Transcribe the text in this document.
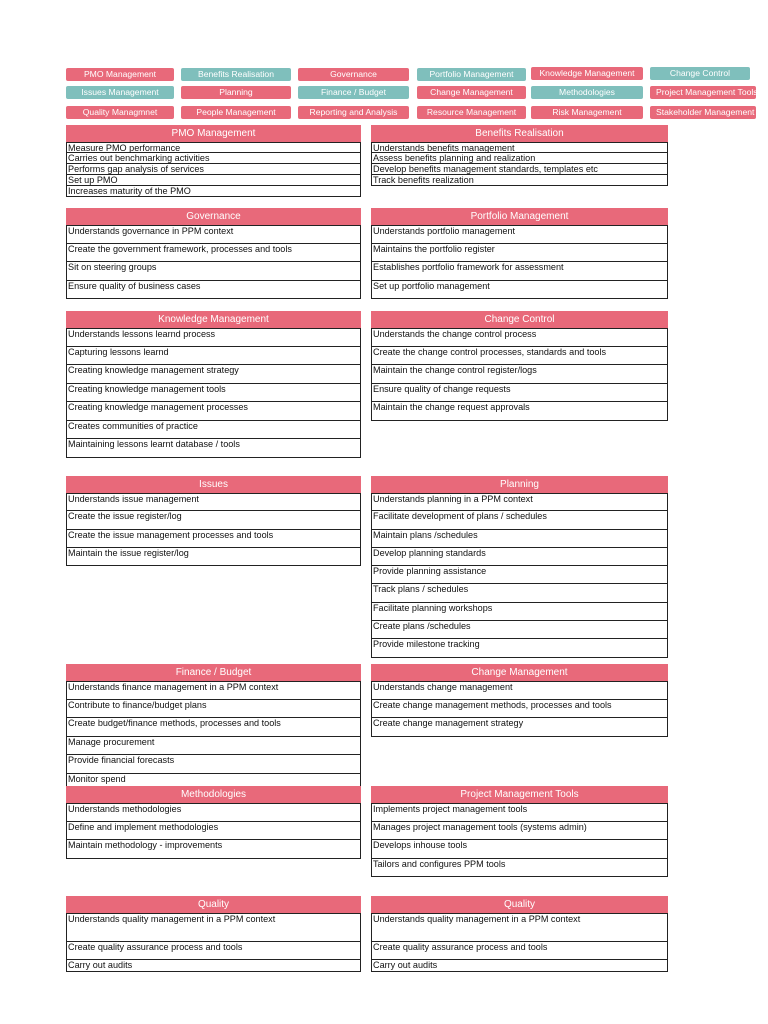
PMO Management	Benefits Realisation	Governance	Portfolio Management	Knowledge Management	Change Control
Issues Management	Planning	Finance / Budget	Change Management	Methodologies	Project Management Tools
Quality Managmnet	People Management	Reporting and Analysis	Resource Management	Risk Management	Stakeholder Management
PMO Management
Measure PMO performance
Carries out benchmarking activities
Performs gap analysis of services
Set up PMO
Increases maturity of the PMO
Benefits Realisation
Understands benefits management
Assess benefits planning and realization
Develop benefits management standards, templates etc
Track benefits realization
Governance
Understands governance in PPM context
Create the government framework, processes and tools
Sit on steering groups
Ensure quality of business cases
Portfolio Management
Understands portfolio management
Maintains the portfolio register
Establishes portfolio framework for assessment
Set up portfolio management
Knowledge Management
Understands lessons learnd process
Capturing lessons learnd
Creating knowledge management strategy
Creating knowledge management tools
Creating knowledge management processes
Creates communities of practice
Maintaining lessons learnt database / tools
Change Control
Understands the change control process
Create the change control processes, standards and tools
Maintain the change control register/logs
Ensure quality of change requests
Maintain the change request approvals
Issues
Understands issue management
Create the issue register/log
Create the issue management processes and tools
Maintain the issue register/log
Planning
Understands planning in a PPM context
Facilitate development of plans / schedules
Maintain plans /schedules
Develop planning standards
Provide planning assistance
Track plans / schedules
Facilitate planning workshops
Create plans /schedules
Provide milestone tracking
Finance / Budget
Understands finance management in a PPM context
Contribute to finance/budget plans
Create budget/finance methods, processes and tools
Manage procurement
Provide financial forecasts
Monitor spend
Change Management
Understands change management
Create change management methods, processes and tools
Create change management strategy
Methodologies
Understands methodologies
Define and implement methodologies
Maintain methodology - improvements
Project Management Tools
Implements project management tools
Manages project management tools (systems admin)
Develops inhouse tools
Tailors and configures PPM tools
Quality
Understands quality management in a PPM context
Create quality assurance process and tools
Carry out audits
Quality
Understands quality management in a PPM context
Create quality assurance process and tools
Carry out audits
